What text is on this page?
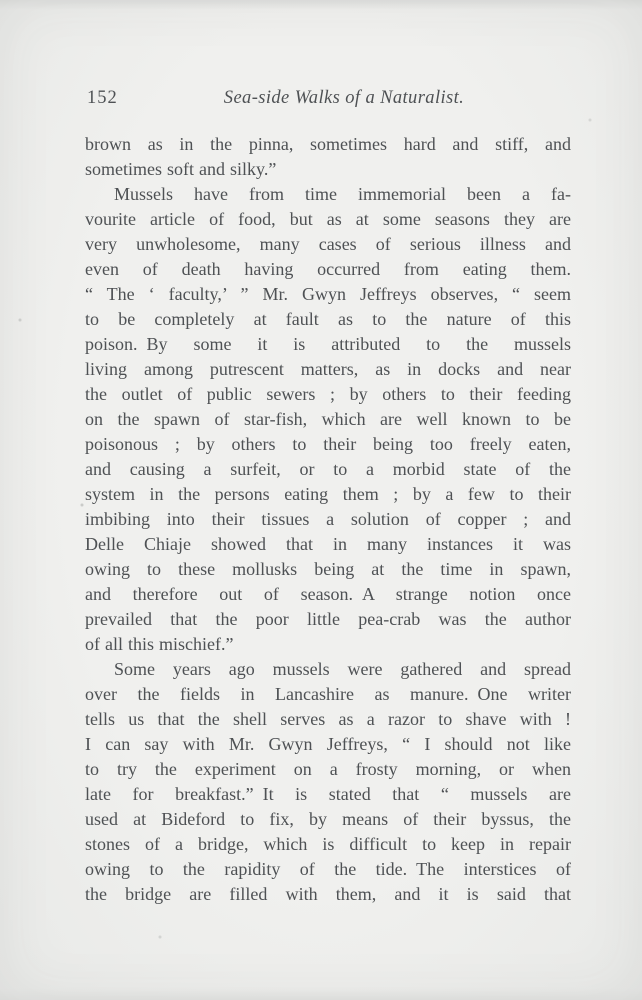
152	Sea-side Walks of a Naturalist.
brown as in the pinna, sometimes hard and stiff, and
sometimes soft and silky.”
Mussels have from time immemorial been a fa-
vourite article of food, but as at some seasons they are
very unwholesome, many cases of serious illness and
even of death having occurred from eating them.
“ The ‘ faculty,’ ” Mr. Gwyn Jeffreys observes, “ seem
to be completely at fault as to the nature of this
poison. By some it is attributed to the mussels
living among putrescent matters, as in docks and near
the outlet of public sewers ; by others to their feeding
on the spawn of star-fish, which are well known to be
poisonous ; by others to their being too freely eaten,
and causing a surfeit, or to a morbid state of the
system in the persons eating them ; by a few to their
imbibing into their tissues a solution of copper ; and
Delle Chiaje showed that in many instances it was
owing to these mollusks being at the time in spawn,
and therefore out of season. A strange notion once
prevailed that the poor little pea-crab was the author
of all this mischief.”
Some years ago mussels were gathered and spread
over the fields in Lancashire as manure. One writer
tells us that the shell serves as a razor to shave with !
I can say with Mr. Gwyn Jeffreys, “ I should not like
to try the experiment on a frosty morning, or when
late for breakfast.” It is stated that “ mussels are
used at Bideford to fix, by means of their byssus, the
stones of a bridge, which is difficult to keep in repair
owing to the rapidity of the tide. The interstices of
the bridge are filled with them, and it is said that
